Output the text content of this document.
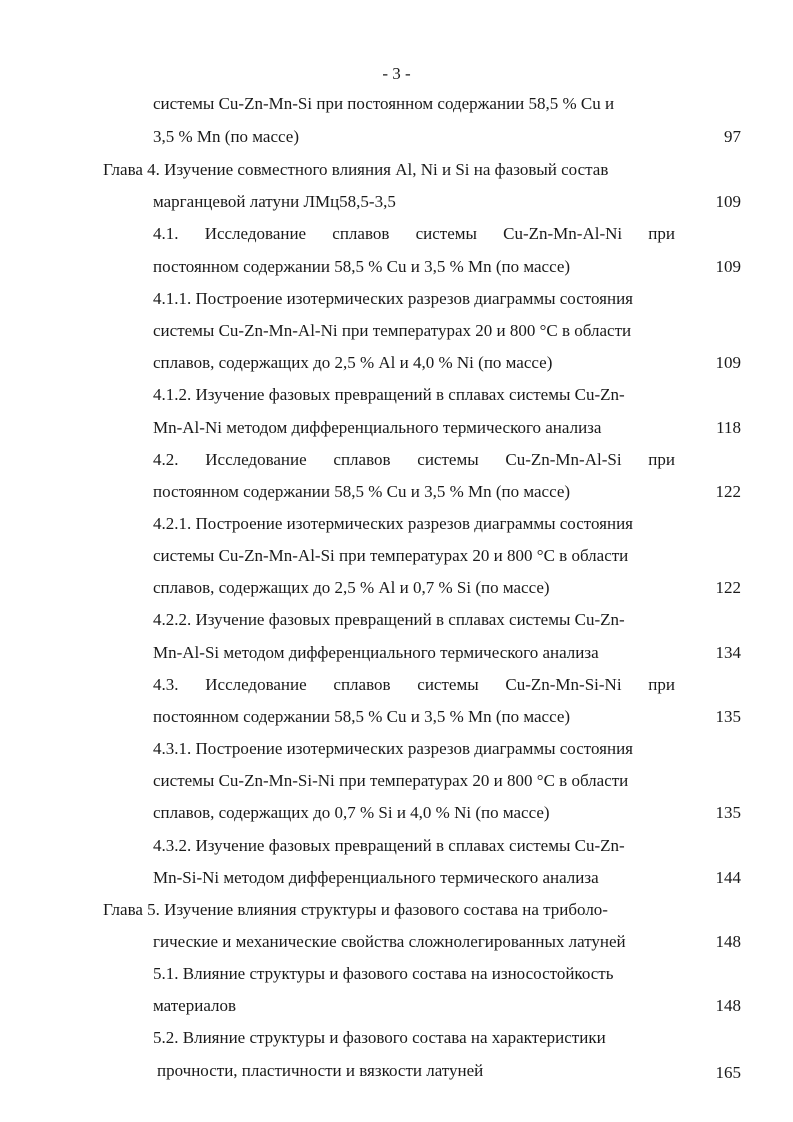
- 3 -
системы Cu-Zn-Mn-Si при постоянном содержании 58,5 % Cu и
3,5 % Mn (по массе)	97
Глава 4. Изучение совместного влияния Al, Ni и Si на фазовый состав
марганцевой латуни ЛМц58,5-3,5	109
4.1. Исследование сплавов системы Cu-Zn-Mn-Al-Ni при
постоянном содержании 58,5 % Cu и 3,5 % Mn (по массе)	109
4.1.1. Построение изотермических разрезов диаграммы состояния
системы Cu-Zn-Mn-Al-Ni при температурах 20 и 800 °С в области
сплавов, содержащих до 2,5 % Al и 4,0 % Ni (по массе)	109
4.1.2. Изучение фазовых превращений в сплавах системы Cu-Zn-
Mn-Al-Ni методом дифференциального термического анализа	118
4.2. Исследование сплавов системы Cu-Zn-Mn-Al-Si при
постоянном содержании 58,5 % Cu и 3,5 % Mn (по массе)	122
4.2.1. Построение изотермических разрезов диаграммы состояния
системы Cu-Zn-Mn-Al-Si при температурах 20 и 800 °С в области
сплавов, содержащих до 2,5 % Al и 0,7 % Si (по массе)	122
4.2.2. Изучение фазовых превращений в сплавах системы Cu-Zn-
Mn-Al-Si методом дифференциального термического анализа	134
4.3. Исследование сплавов системы Cu-Zn-Mn-Si-Ni при
постоянном содержании 58,5 % Cu и 3,5 % Mn (по массе)	135
4.3.1. Построение изотермических разрезов диаграммы состояния
системы Cu-Zn-Mn-Si-Ni при температурах 20 и 800 °С в области
сплавов, содержащих до 0,7 % Si и 4,0 % Ni (по массе)	135
4.3.2. Изучение фазовых превращений в сплавах системы Cu-Zn-
Mn-Si-Ni методом дифференциального термического анализа	144
Глава 5. Изучение влияния структуры и фазового состава на триболо-
гические и механические свойства сложнолегированных латуней	148
5.1. Влияние структуры и фазового состава на износостойкость
материалов	148
5.2. Влияние структуры и фазового состава на характеристики
прочности, пластичности и вязкости латуней	165
